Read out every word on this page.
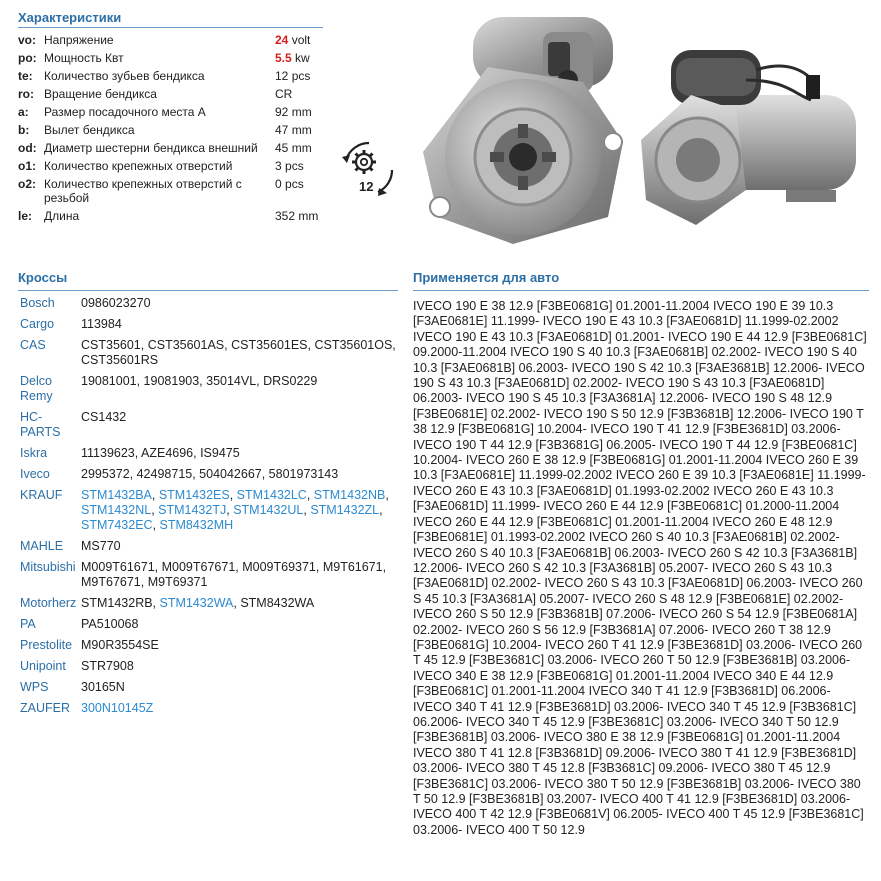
Характеристики
vo:	Напряжение	24 volt
po:	Мощность Квт	5.5 kw
te:	Количество зубьев бендикса	12 pcs
ro:	Вращение бендикса	CR
a:	Размер посадочного места A	92 mm
b:	Вылет бендикса	47 mm
od:	Диаметр шестерни бендикса внешний	45 mm
o1:	Количество крепежных отверстий	3 pcs
o2:	Количество крепежных отверстий с резьбой	0 pcs
le:	Длина	352 mm
12
Кроссы
Bosch	0986023270
Cargo	113984
CAS	CST35601, CST35601AS, CST35601ES, CST35601OS, CST35601RS
Delco Remy	19081001, 19081903, 35014VL, DRS0229
HC-PARTS	CS1432
Iskra	11139623, AZE4696, IS9475
Iveco	2995372, 42498715, 504042667, 5801973143
KRAUF	STM1432BA, STM1432ES, STM1432LC, STM1432NB, STM1432NL, STM1432TJ, STM1432UL, STM1432ZL, STM7432EC, STM8432MH
MAHLE	MS770
Mitsubishi	M009T61671, M009T67671, M009T69371, M9T61671, M9T67671, M9T69371
Motorherz	STM1432RB, STM1432WA, STM8432WA
PA	PA510068
Prestolite	M90R3554SE
Unipoint	STR7908
WPS	30165N
ZAUFER	300N10145Z
Применяется для авто
IVECO 190 E 38 12.9 [F3BE0681G] 01.2001-11.2004 IVECO 190 E 39 10.3 [F3AE0681E] 11.1999- IVECO 190 E 43 10.3 [F3AE0681D] 11.1999-02.2002 IVECO 190 E 43 10.3 [F3AE0681D] 01.2001- IVECO 190 E 44 12.9 [F3BE0681C] 09.2000-11.2004 IVECO 190 S 40 10.3 [F3AE0681B] 02.2002- IVECO 190 S 40 10.3 [F3AE0681B] 06.2003- IVECO 190 S 42 10.3 [F3AE3681B] 12.2006- IVECO 190 S 43 10.3 [F3AE0681D] 02.2002- IVECO 190 S 43 10.3 [F3AE0681D] 06.2003- IVECO 190 S 45 10.3 [F3A3681A] 12.2006- IVECO 190 S 48 12.9 [F3BE0681E] 02.2002- IVECO 190 S 50 12.9 [F3B3681B] 12.2006- IVECO 190 T 38 12.9 [F3BE0681G] 10.2004- IVECO 190 T 41 12.9 [F3BE3681D] 03.2006- IVECO 190 T 44 12.9 [F3B3681G] 06.2005- IVECO 190 T 44 12.9 [F3BE0681C] 10.2004- IVECO 260 E 38 12.9 [F3BE0681G] 01.2001-11.2004 IVECO 260 E 39 10.3 [F3AE0681E] 11.1999-02.2002 IVECO 260 E 39 10.3 [F3AE0681E] 11.1999- IVECO 260 E 43 10.3 [F3AE0681D] 01.1993-02.2002 IVECO 260 E 43 10.3 [F3AE0681D] 11.1999- IVECO 260 E 44 12.9 [F3BE0681C] 01.2000-11.2004 IVECO 260 E 44 12.9 [F3BE0681C] 01.2001-11.2004 IVECO 260 E 48 12.9 [F3BE0681E] 01.1993-02.2002 IVECO 260 S 40 10.3 [F3AE0681B] 02.2002- IVECO 260 S 40 10.3 [F3AE0681B] 06.2003- IVECO 260 S 42 10.3 [F3A3681B] 12.2006- IVECO 260 S 42 10.3 [F3A3681B] 05.2007- IVECO 260 S 43 10.3 [F3AE0681D] 02.2002- IVECO 260 S 43 10.3 [F3AE0681D] 06.2003- IVECO 260 S 45 10.3 [F3A3681A] 05.2007- IVECO 260 S 48 12.9 [F3BE0681E] 02.2002- IVECO 260 S 50 12.9 [F3B3681B] 07.2006- IVECO 260 S 54 12.9 [F3BE0681A] 02.2002- IVECO 260 S 56 12.9 [F3B3681A] 07.2006- IVECO 260 T 38 12.9 [F3BE0681G] 10.2004- IVECO 260 T 41 12.9 [F3BE3681D] 03.2006- IVECO 260 T 45 12.9 [F3BE3681C] 03.2006- IVECO 260 T 50 12.9 [F3BE3681B] 03.2006- IVECO 340 E 38 12.9 [F3BE0681G] 01.2001-11.2004 IVECO 340 E 44 12.9 [F3BE0681C] 01.2001-11.2004 IVECO 340 T 41 12.9 [F3B3681D] 06.2006- IVECO 340 T 41 12.9 [F3BE3681D] 03.2006- IVECO 340 T 45 12.9 [F3B3681C] 06.2006- IVECO 340 T 45 12.9 [F3BE3681C] 03.2006- IVECO 340 T 50 12.9 [F3BE3681B] 03.2006- IVECO 380 E 38 12.9 [F3BE0681G] 01.2001-11.2004 IVECO 380 T 41 12.8 [F3B3681D] 09.2006- IVECO 380 T 41 12.9 [F3BE3681D] 03.2006- IVECO 380 T 45 12.8 [F3B3681C] 09.2006- IVECO 380 T 45 12.9 [F3BE3681C] 03.2006- IVECO 380 T 50 12.9 [F3BE3681B] 03.2006- IVECO 380 T 50 12.9 [F3BE3681B] 03.2007- IVECO 400 T 41 12.9 [F3BE3681D] 03.2006- IVECO 400 T 42 12.9 [F3BE0681V] 06.2005- IVECO 400 T 45 12.9 [F3BE3681C] 03.2006- IVECO 400 T 50 12.9
